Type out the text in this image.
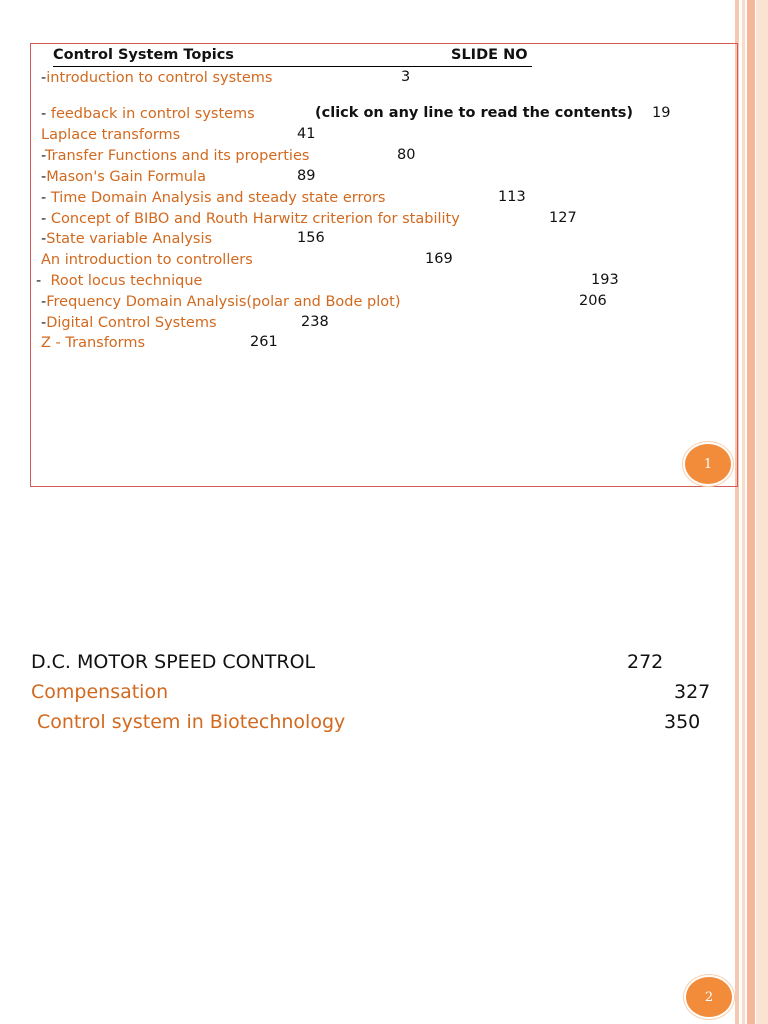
Control System Topics	SLIDE NO
-introduction to control systems	3
- feedback in control systems	(click on any line to read the contents) 19
Laplace transforms	41
-Transfer Functions and its properties	80
-Mason's Gain Formula	89
- Time Domain Analysis and steady state errors	113
- Concept of BIBO and Routh Harwitz criterion for stability	127
-State variable Analysis	156
An introduction to controllers	169
-  Root locus technique	193
-Frequency Domain Analysis(polar and Bode plot)	206
-Digital Control Systems	238
Z - Transforms	261
1
D.C. MOTOR SPEED CONTROL	272
Compensation	327
Control system in Biotechnology	350
2
